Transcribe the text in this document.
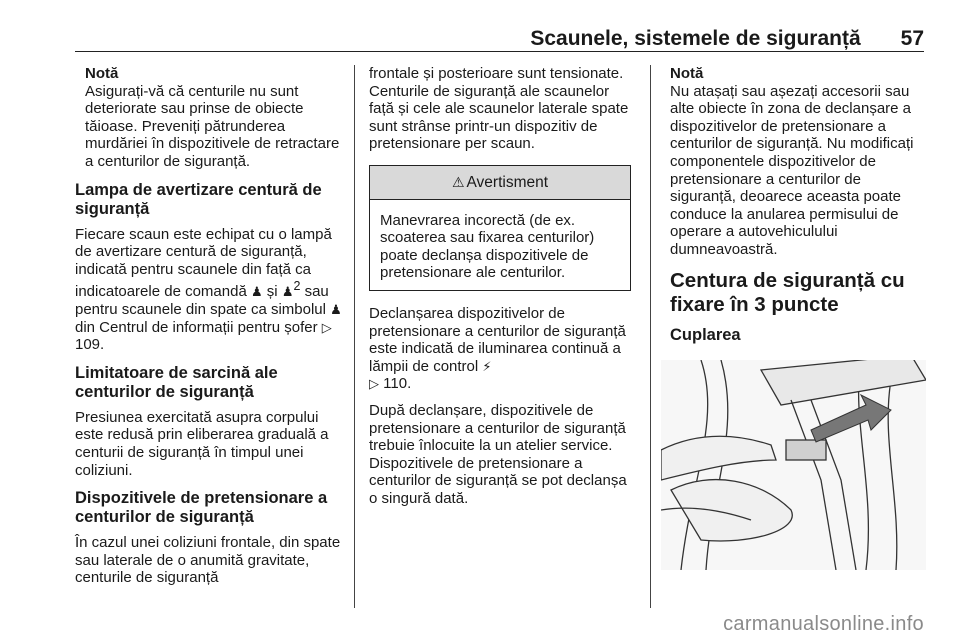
Scaunele, sistemele de siguranță 57
Notă
Asigurați-vă că centurile nu sunt deteriorate sau prinse de obiecte tăioase. Preveniți pătrunderea murdăriei în dispozitivele de retractare a centurilor de siguranță.
Lampa de avertizare centură de siguranță

Fiecare scaun este echipat cu o lampă de avertizare centură de siguranță, indicată pentru scaunele din față ca indicatoarele de comandă ♟ și ♟$^2$ sau pentru scaunele din spate ca simbolul ♟ din Centrul de informații pentru șofer ▷ 109.

Limitatoare de sarcină ale centurilor de siguranță

Presiunea exercitată asupra corpului este redusă prin eliberarea graduală a centurii de siguranță în timpul unei coliziuni.

Dispozitivele de pretensionare a centurilor de siguranță

În cazul unei coliziuni frontale, din spate sau laterale de o anumită gravitate, centurile de siguranță

frontale și posterioare sunt tensionate. Centurile de siguranță ale scaunelor față și cele ale scaunelor laterale spate sunt strânse printr-un dispozitiv de pretensionare per scaun.

⚠ Avertisment
Manevrarea incorectă (de ex. scoaterea sau fixarea centurilor) poate declanșa dispozitivele de pretensionare ale centurilor.

Declanșarea dispozitivelor de pretensionare a centurilor de siguranță este indicată de iluminarea continuă a lămpii de control ⚡
▷ 110.

După declanșare, dispozitivele de pretensionare a centurilor de siguranță trebuie înlocuite la un atelier service. Dispozitivele de pretensionare a centurilor de siguranță se pot declanșa o singură dată.

Notă
Nu atașați sau așezați accesorii sau alte obiecte în zona de declanșare a dispozitivelor de pretensionare a centurilor de siguranță. Nu modificați componentele dispozitivelor de pretensionare a centurilor de siguranță, deoarece aceasta poate conduce la anularea permisului de operare a autovehiculului dumneavoastră.
Centura de siguranță cu fixare în 3 puncte
Cuplarea
carmanualsonline.info
